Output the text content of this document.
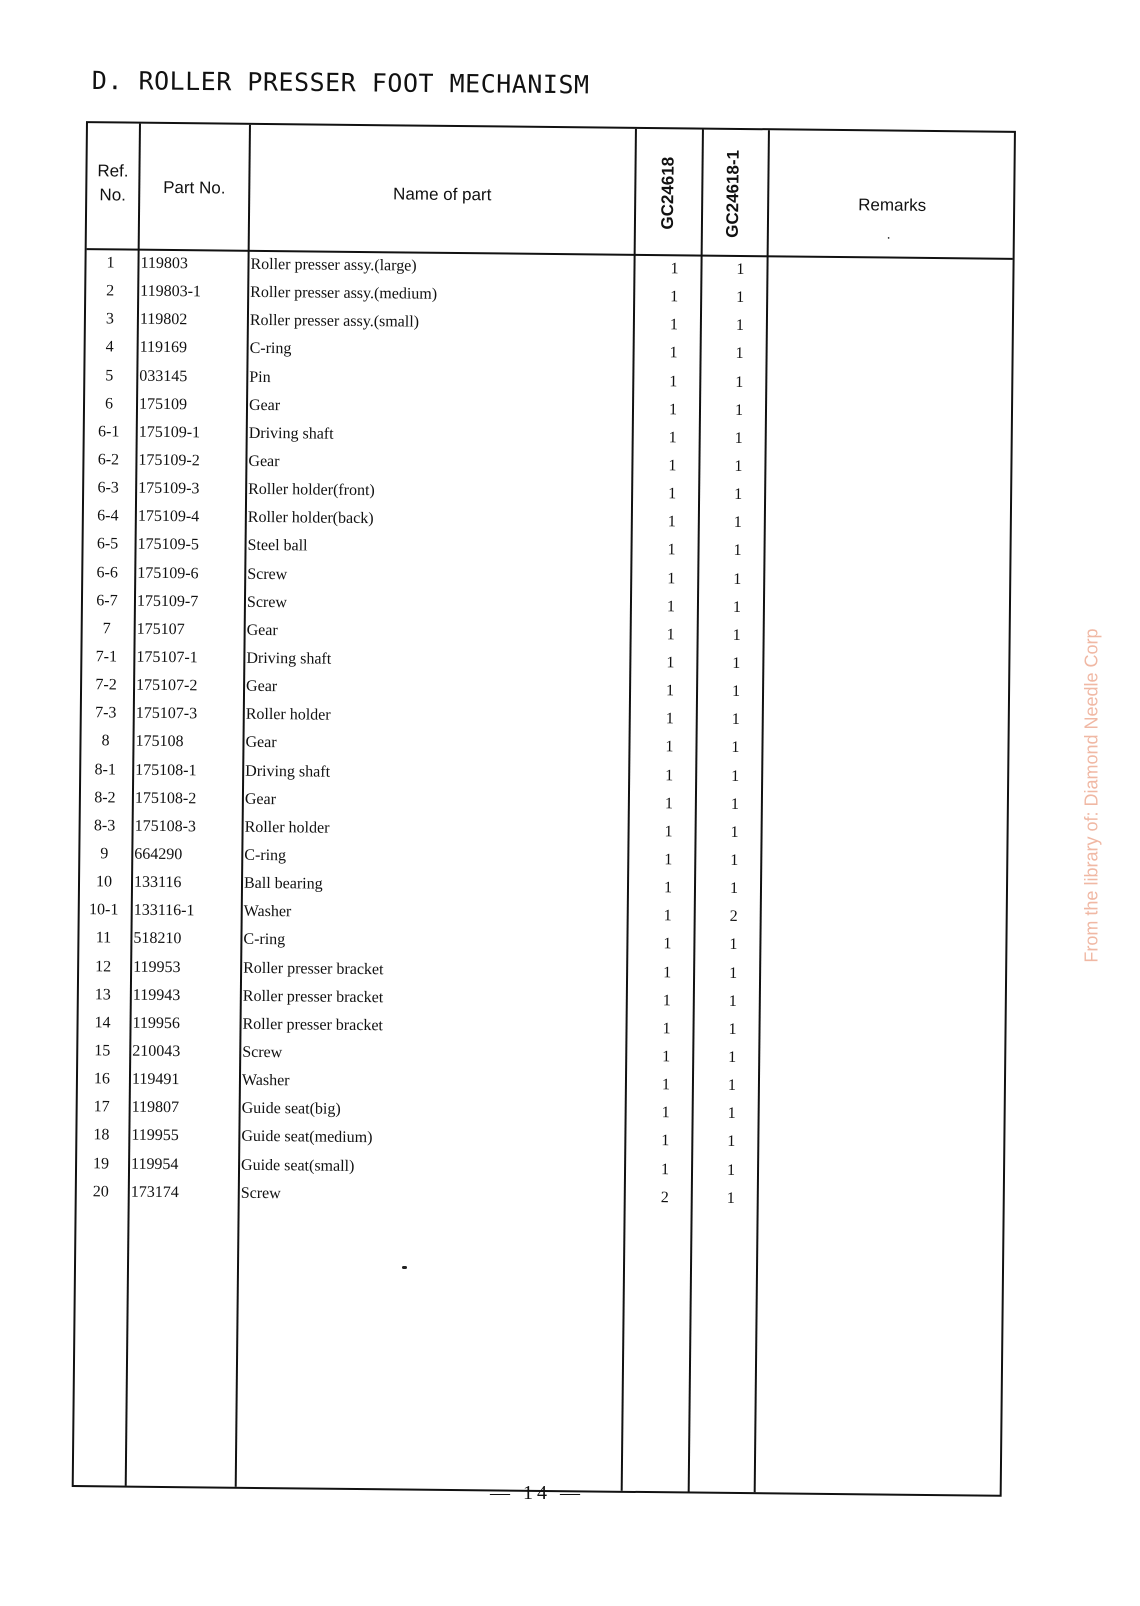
D. ROLLER PRESSER FOOT MECHANISM
Ref.
No.	Part No.	Name of part	GC24618	GC24618-1	Remarks
.
1	119803	Roller presser assy.(large)	1	1
2	119803-1	Roller presser assy.(medium)	1	1
3	119802	Roller presser assy.(small)	1	1
4	119169	C-ring	1	1
5	033145	Pin	1	1
6	175109	Gear	1	1
6-1	175109-1	Driving shaft	1	1
6-2	175109-2	Gear	1	1
6-3	175109-3	Roller holder(front)	1	1
6-4	175109-4	Roller holder(back)	1	1
6-5	175109-5	Steel ball	1	1
6-6	175109-6	Screw	1	1
6-7	175109-7	Screw	1	1
7	175107	Gear	1	1
7-1	175107-1	Driving shaft	1	1
7-2	175107-2	Gear	1	1
7-3	175107-3	Roller holder	1	1
8	175108	Gear	1	1
8-1	175108-1	Driving shaft	1	1
8-2	175108-2	Gear	1	1
8-3	175108-3	Roller holder	1	1
9	664290	C-ring	1	1
10	133116	Ball bearing	1	1
10-1 133116-1	Washer	1	2
11	518210	C-ring	1	1
12	119953	Roller presser bracket	1	1
13	119943	Roller presser bracket	1	1
14	119956	Roller presser bracket	1	1
15	210043	Screw	1	1
16	119491	Washer	1	1
17	119807	Guide seat(big)	1	1
18	119955	Guide seat(medium)	1	1
19	119954	Guide seat(small)	1	1
20	173174	Screw	2	1
— 14 —
From the library of: Diamond Needle Corp
